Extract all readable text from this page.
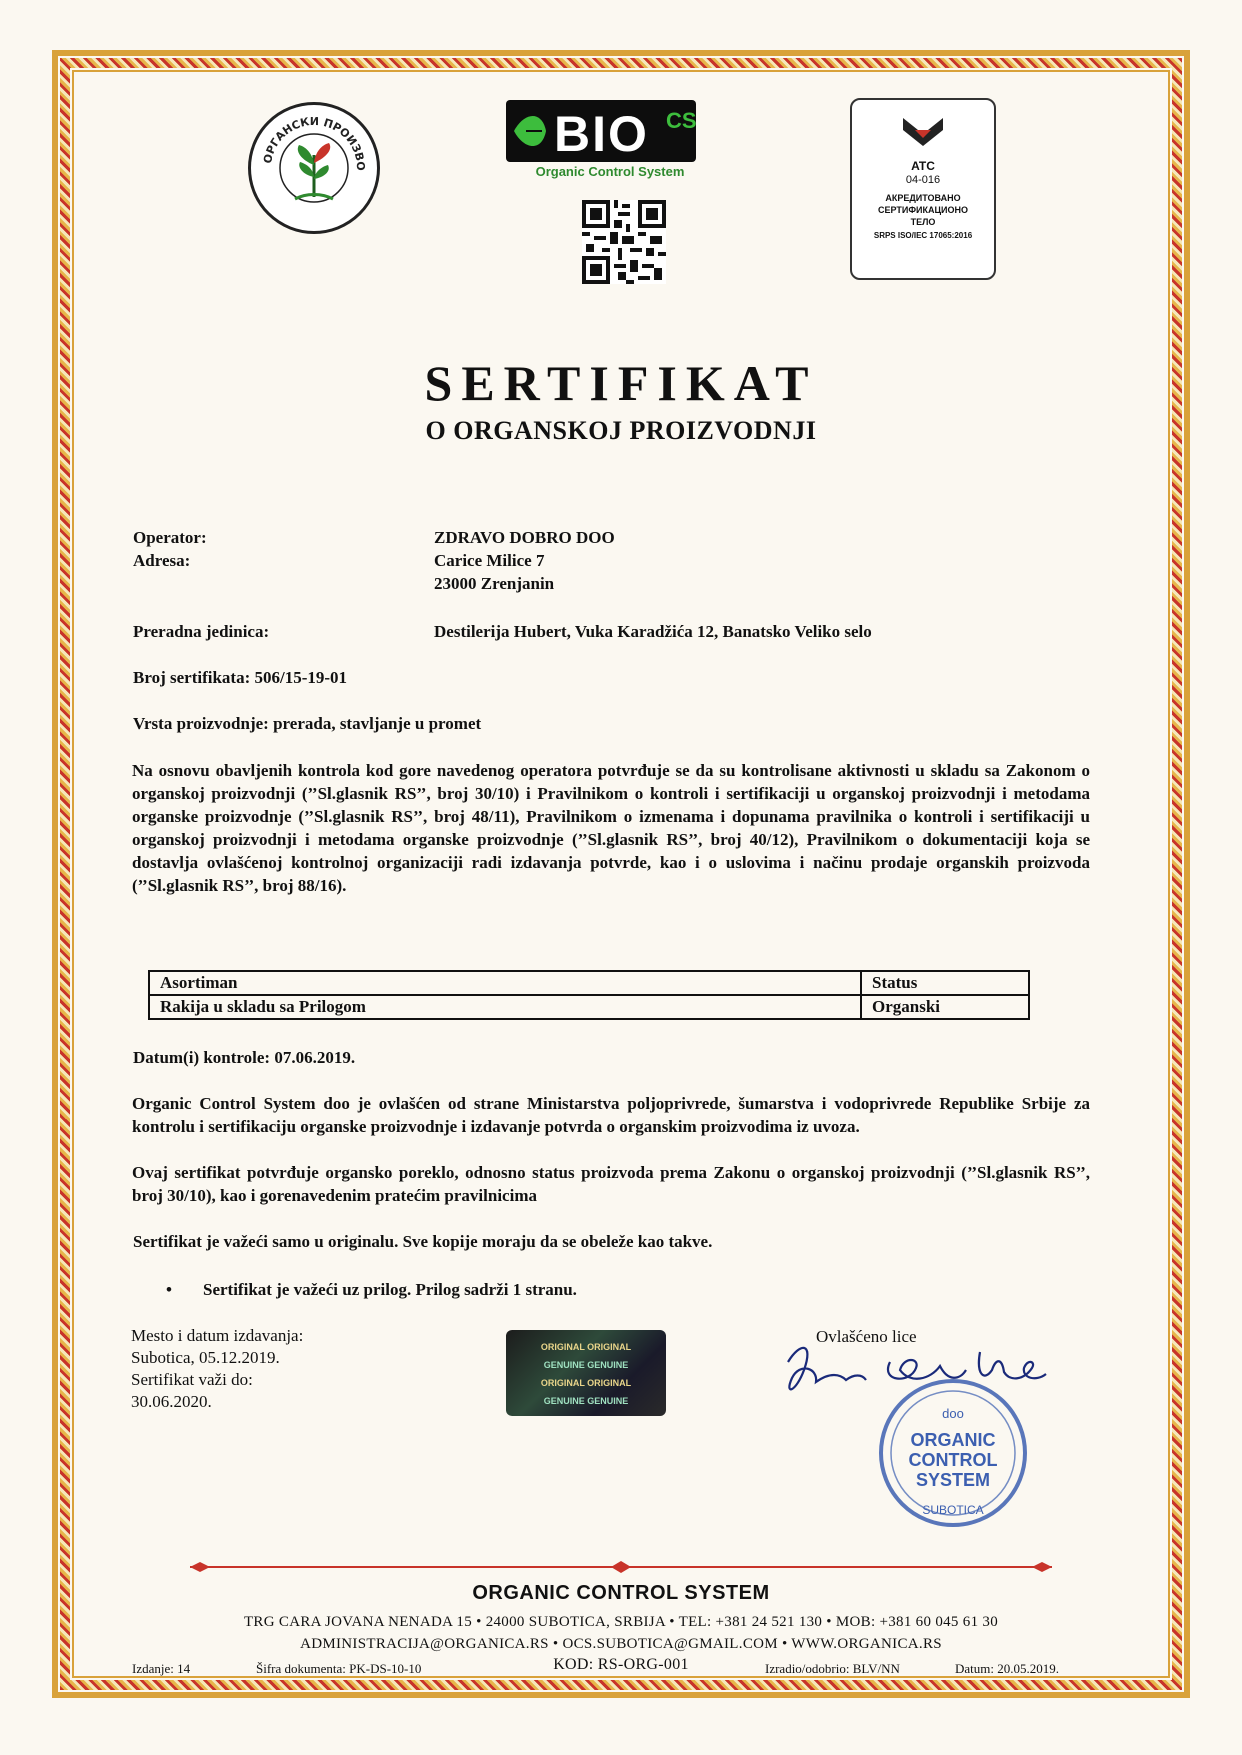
ОРГАНСКИ ПРОИЗВО
BIO CS
Organic Control System	ATC
04-016
АКРЕДИТОВАНО
СЕРТИФИКАЦИОНО
ТЕЛО
SRPS ISO/IEC 17065:2016
SERTIFIKAT
O ORGANSKOJ PROIZVODNJI
Operator:	ZDRAVO DOBRO DOO
Adresa:	Carice Milice 7
23000 Zrenjanin
Preradna jedinica:	Destilerija Hubert, Vuka Karadžića 12, Banatsko Veliko selo
Broj sertifikata: 506/15-19-01
Vrsta proizvodnje: prerada, stavljanje u promet
Na osnovu obavljenih kontrola kod gore navedenog operatora potvrđuje se da su kontrolisane aktivnosti u skladu sa Zakonom o organskoj proizvodnji (’’Sl.glasnik RS’’, broj 30/10) i Pravilnikom o kontroli i sertifikaciji u organskoj proizvodnji i metodama organske proizvodnje (’’Sl.glasnik RS’’, broj 48/11), Pravilnikom o izmenama i dopunama pravilnika o kontroli i sertifikaciji u organskoj proizvodnji i metodama organske proizvodnje (’’Sl.glasnik RS’’, broj 40/12), Pravilnikom o dokumentaciji koja se dostavlja ovlašćenoj kontrolnoj organizaciji radi izdavanja potvrde, kao i o uslovima i načinu prodaje organskih proizvoda (’’Sl.glasnik RS’’, broj 88/16).
Asortiman	Status
Rakija u skladu sa Prilogom	Organski
Datum(i) kontrole: 07.06.2019.
Organic Control System doo je ovlašćen od strane Ministarstva poljoprivrede, šumarstva i vodoprivrede Republike Srbije za kontrolu i sertifikaciju organske proizvodnje i izdavanje potvrda o organskim proizvodima iz uvoza.
Ovaj sertifikat potvrđuje organsko poreklo, odnosno status proizvoda prema Zakonu o organskoj proizvodnji (’’Sl.glasnik RS’’, broj 30/10), kao i gorenavedenim pratećim pravilnicima
Sertifikat je važeći samo u originalu. Sve kopije moraju da se obeleže kao takve.
• Sertifikat je važeći uz prilog. Prilog sadrži 1 stranu.
Mesto i datum izdavanja:
Subotica, 05.12.2019.
Sertifikat važi do:
30.06.2020.
ORIGINAL ORIGINAL
GENUINE GENUINE
ORIGINAL ORIGINAL
GENUINE GENUINE
Ovlašćeno lice
doo
ORGANIC
CONTROL
SYSTEM
SUBOTICA
ORGANIC CONTROL SYSTEM
TRG CARA JOVANA NENADA 15 • 24000 SUBOTICA, SRBIJA • TEL: +381 24 521 130 • MOB: +381 60 045 61 30
ADMINISTRACIJA@ORGANICA.RS • OCS.SUBOTICA@GMAIL.COM • WWW.ORGANICA.RS
KOD: RS-ORG-001
Izdanje: 14	Šifra dokumenta: PK-DS-10-10	Izradio/odobrio: BLV/NN	Datum: 20.05.2019.
